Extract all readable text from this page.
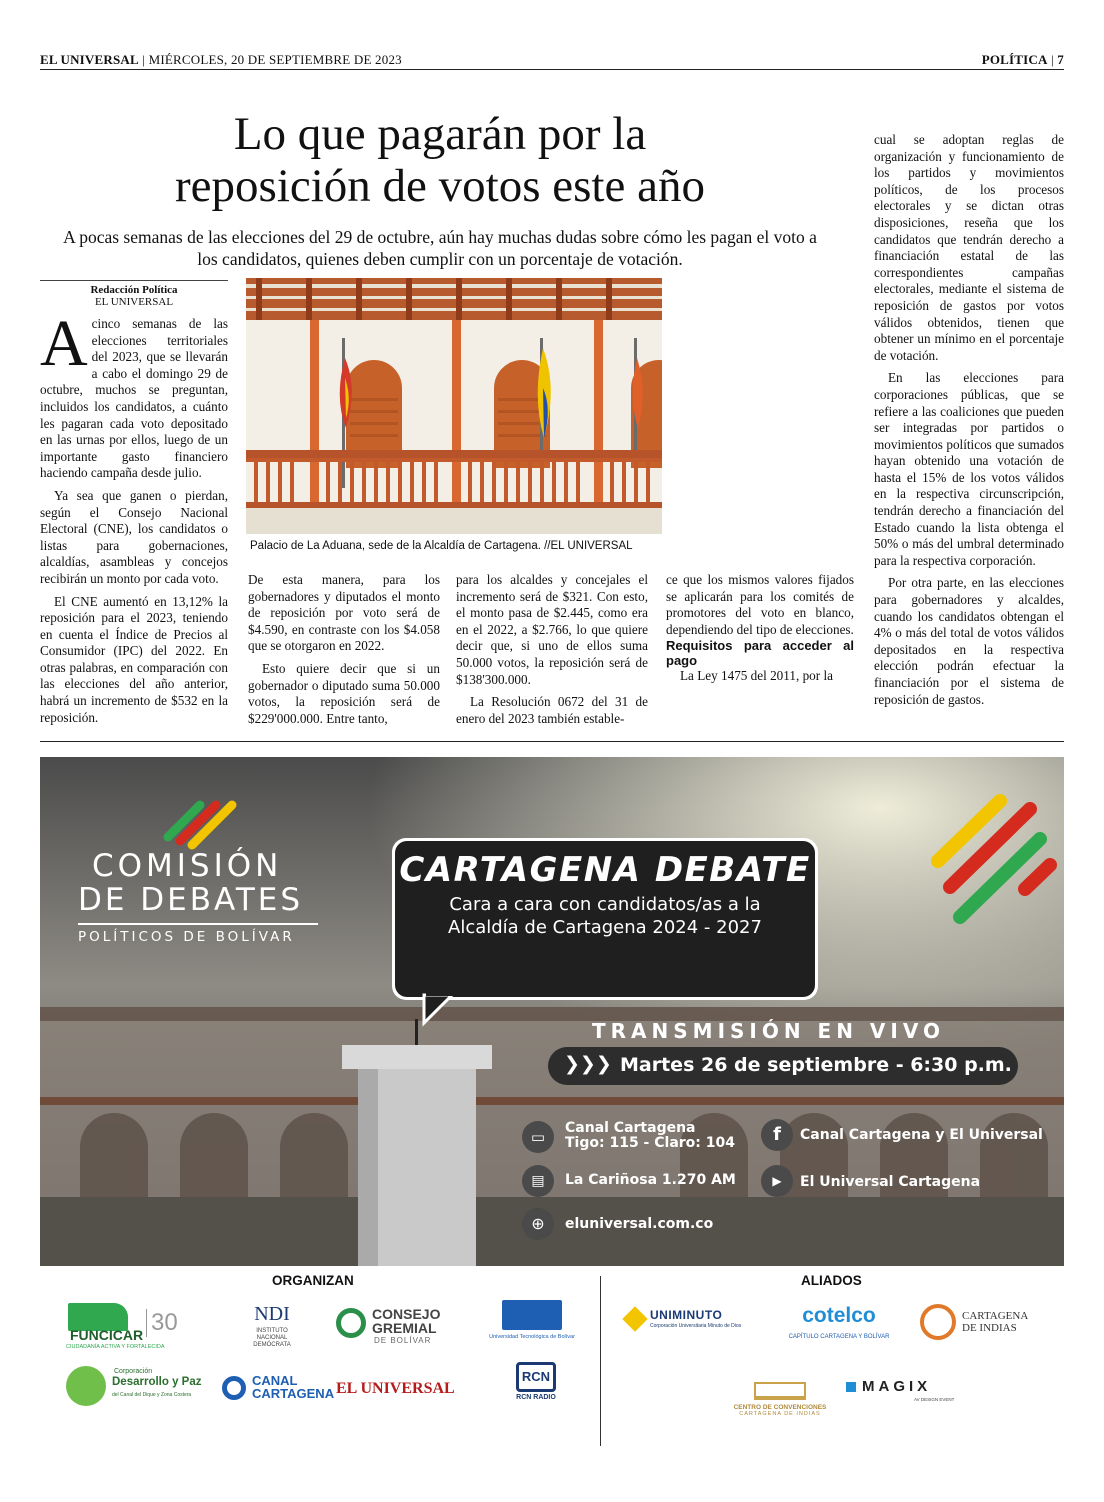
EL UNIVERSAL | MIÉRCOLES, 20 DE SEPTIEMBRE DE 2023	POLÍTICA | 7
Lo que pagarán por la
reposición de votos este año
A pocas semanas de las elecciones del 29 de octubre, aún hay muchas dudas sobre cómo les pagan el voto a los candidatos, quienes deben cumplir con un porcentaje de votación.
Redacción Política
EL UNIVERSAL

Acinco semanas de las elecciones territoriales del 2023, que se llevarán a cabo el domingo 29 de octubre, muchos se preguntan, incluidos los candidatos, a cuánto les pagaran cada voto depositado en las urnas por ellos, luego de un importante gasto financiero haciendo campaña desde julio.

Ya sea que ganen o pierdan, según el Consejo Nacional Electoral (CNE), los candidatos o listas para gobernaciones, alcaldías, asambleas y concejos recibirán un monto por cada voto.

El CNE aumentó en 13,12% la reposición para el 2023, teniendo en cuenta el Índice de Precios al Consumidor (IPC) del 2022. En otras palabras, en comparación con las elecciones del año anterior, habrá un incremento de $532 en la reposición.

Palacio de La Aduana, sede de la Alcaldía de Cartagena. //EL UNIVERSAL

De esta manera, para los gobernadores y diputados el monto de reposición por voto será de $4.590, en contraste con los $4.058 que se otorgaron en 2022.

Esto quiere decir que si un gobernador o diputado suma 50.000 votos, la reposición será de $229'000.000. Entre tanto,

para los alcaldes y concejales el incremento será de $321. Con esto, el monto pasa de $2.445, como era en el 2022, a $2.766, lo que quiere decir que, si uno de ellos suma 50.000 votos, la reposición será de $138'300.000.

La Resolución 0672 del 31 de enero del 2023 también estable-

ce que los mismos valores fijados se aplicarán para los comités de promotores del voto en blanco, dependiendo del tipo de elecciones.

Requisitos para acceder al pago

La Ley 1475 del 2011, por la

cual se adoptan reglas de organización y funcionamiento de los partidos y movimientos políticos, de los procesos electorales y se dictan otras disposiciones, reseña que los candidatos que tendrán derecho a financiación estatal de las correspondientes campañas electorales, mediante el sistema de reposición de gastos por votos válidos obtenidos, tienen que obtener un mínimo en el porcentaje de votación.

En las elecciones para corporaciones públicas, que se refiere a las coaliciones que pueden ser integradas por partidos o movimientos políticos que sumados hayan obtenido una votación de hasta el 15% de los votos válidos en la respectiva circunscripción, tendrán derecho a financiación del Estado cuando la lista obtenga el 50% o más del umbral determinado para la respectiva corporación.

Por otra parte, en las elecciones para gobernadores y alcaldes, cuando los candidatos obtengan el 4% o más del total de votos válidos depositados en la respectiva elección podrán efectuar la financiación por el sistema de reposición de gastos.

▭
▤
⊕
f
▶
COMISIÓN
DE DEBATES
POLÍTICOS DE BOLÍVAR
CARTAGENA DEBATE
Cara a cara con candidatos/as a la
Alcaldía de Cartagena 2024 - 2027
TRANSMISIÓN EN VIVO
❯❯❯ Martes 26 de septiembre - 6:30 p.m.
Canal Cartagena
Tigo: 115 - Claro: 104
La Cariñosa 1.270 AM
eluniversal.com.co
Canal Cartagena y El Universal
El Universal Cartagena
ORGANIZAN	ALIADOS
FUNCICAR
CIUDADANÍA ACTIVA Y FORTALECIDA
30	NDI
INSTITUTO NACIONAL DEMÓCRATA
CONSEJO GREMIAL
DE BOLÍVAR	Universidad Tecnológica de Bolívar
Corporación
Desarrollo y Paz
del Canal del Dique y Zona Costera
CANAL CARTAGENA EL UNIVERSAL
RCN
RCN RADIO
UNIMINUTO
Corporación Universitaria Minuto de Dios	cotelco
CAPÍTULO CARTAGENA Y BOLÍVAR
CARTAGENA DE INDIAS
CENTRO DE CONVENCIONES
CARTAGENA DE INDIAS
MAGIX
AV DESIGN EVENT
